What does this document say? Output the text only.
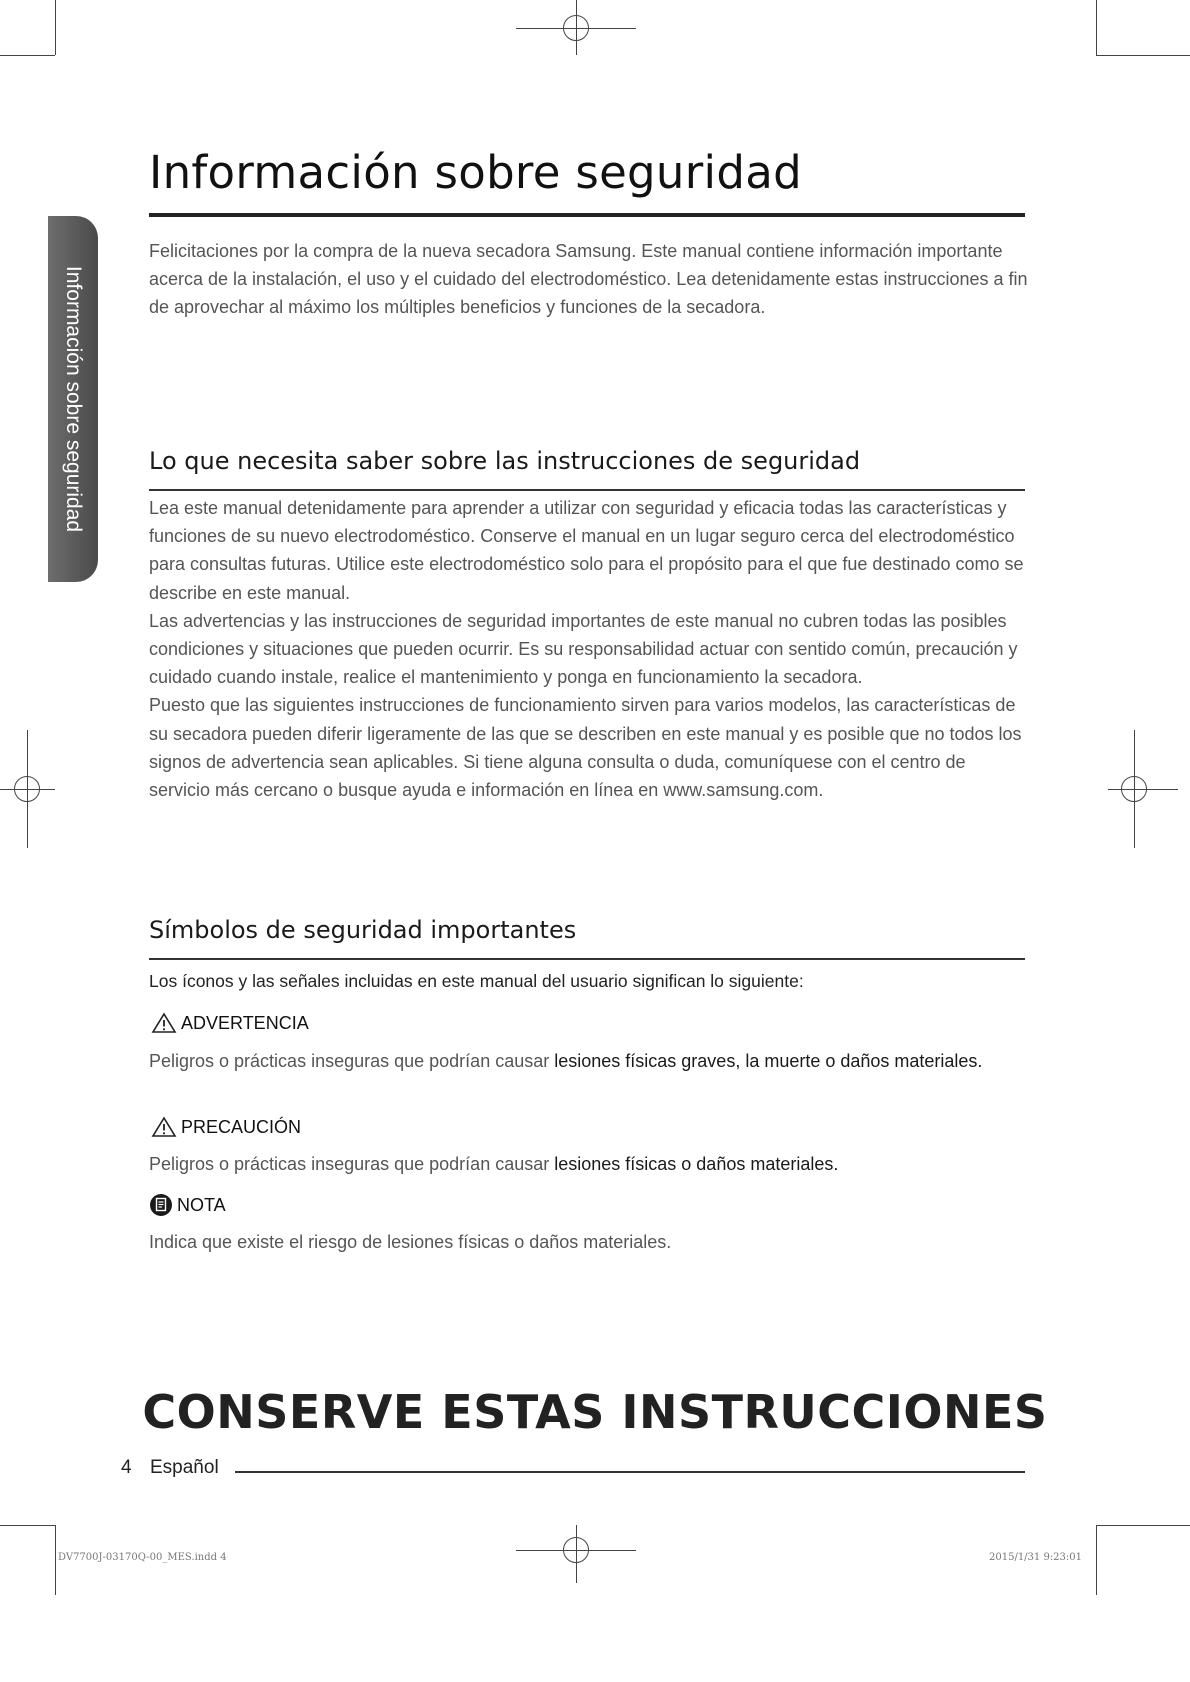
Información sobre seguridad
Información sobre seguridad

Felicitaciones por la compra de la nueva secadora Samsung. Este manual contiene información importante acerca de la instalación, el uso y el cuidado del electrodoméstico. Lea detenidamente estas instrucciones a fin de aprovechar al máximo los múltiples beneficios y funciones de la secadora.

Lo que necesita saber sobre las instrucciones de seguridad

Lea este manual detenidamente para aprender a utilizar con seguridad y eficacia todas las características y funciones de su nuevo electrodoméstico. Conserve el manual en un lugar seguro cerca del electrodoméstico para consultas futuras. Utilice este electrodoméstico solo para el propósito para el que fue destinado como se describe en este manual.

Las advertencias y las instrucciones de seguridad importantes de este manual no cubren todas las posibles condiciones y situaciones que pueden ocurrir. Es su responsabilidad actuar con sentido común, precaución y cuidado cuando instale, realice el mantenimiento y ponga en funcionamiento la secadora.

Puesto que las siguientes instrucciones de funcionamiento sirven para varios modelos, las características de su secadora pueden diferir ligeramente de las que se describen en este manual y es posible que no todos los signos de advertencia sean aplicables. Si tiene alguna consulta o duda, comuníquese con el centro de servicio más cercano o busque ayuda e información en línea en www.samsung.com.

Símbolos de seguridad importantes

Los íconos y las señales incluidas en este manual del usuario significan lo siguiente:

ADVERTENCIA

Peligros o prácticas inseguras que podrían causar lesiones físicas graves, la muerte o daños materiales.

PRECAUCIÓN

Peligros o prácticas inseguras que podrían causar lesiones físicas o daños materiales.

NOTA

Indica que existe el riesgo de lesiones físicas o daños materiales.

CONSERVE ESTAS INSTRUCCIONES
4 Español
DV7700J-03170Q-00_MES.indd 4	2015/1/31 9:23:01
